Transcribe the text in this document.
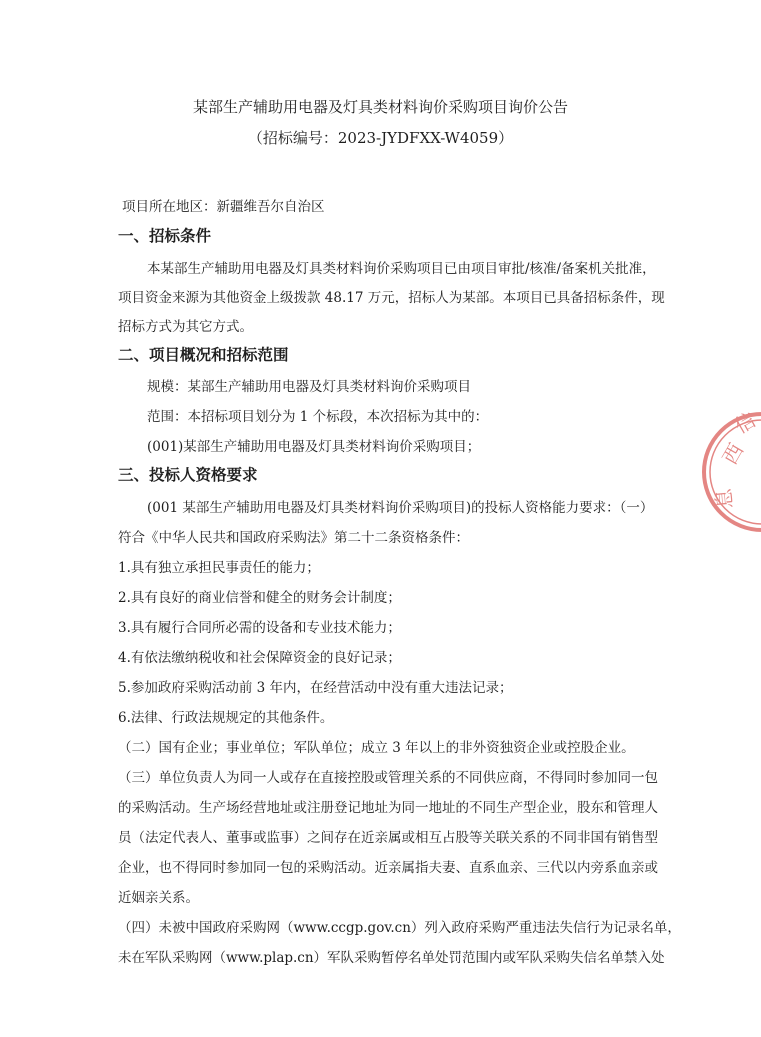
某部生产辅助用电器及灯具类材料询价采购项目询价公告

（招标编号：2023-JYDFXX-W4059）

项目所在地区：新疆维吾尔自治区

一、招标条件

本某部生产辅助用电器及灯具类材料询价采购项目已由项目审批/核准/备案机关批准，

项目资金来源为其他资金上级拨款 48.17 万元，招标人为某部。本项目已具备招标条件，现

招标方式为其它方式。

二、项目概况和招标范围

规模：某部生产辅助用电器及灯具类材料询价采购项目

范围：本招标项目划分为 1 个标段，本次招标为其中的：

(001)某部生产辅助用电器及灯具类材料询价采购项目；

三、投标人资格要求

(001 某部生产辅助用电器及灯具类材料询价采购项目)的投标人资格能力要求：（一）

符合《中华人民共和国政府采购法》第二十二条资格条件：

1.具有独立承担民事责任的能力；

2.具有良好的商业信誉和健全的财务会计制度；

3.具有履行合同所必需的设备和专业技术能力；

4.有依法缴纳税收和社会保障资金的良好记录；

5.参加政府采购活动前 3 年内，在经营活动中没有重大违法记录；

6.法律、行政法规规定的其他条件。

（二）国有企业；事业单位；军队单位；成立 3 年以上的非外资独资企业或控股企业。

（三）单位负责人为同一人或存在直接控股或管理关系的不同供应商，不得同时参加同一包

的采购活动。生产场经营地址或注册登记地址为同一地址的不同生产型企业，股东和管理人

员（法定代表人、董事或监事）之间存在近亲属或相互占股等关联关系的不同非国有销售型

企业，也不得同时参加同一包的采购活动。近亲属指夫妻、直系血亲、三代以内旁系血亲或

近姻亲关系。

（四）未被中国政府采购网（www.ccgp.gov.cn）列入政府采购严重违法失信行为记录名单，

未在军队采购网（www.plap.cn）军队采购暂停名单处罚范围内或军队采购失信名单禁入处

西
信
息
